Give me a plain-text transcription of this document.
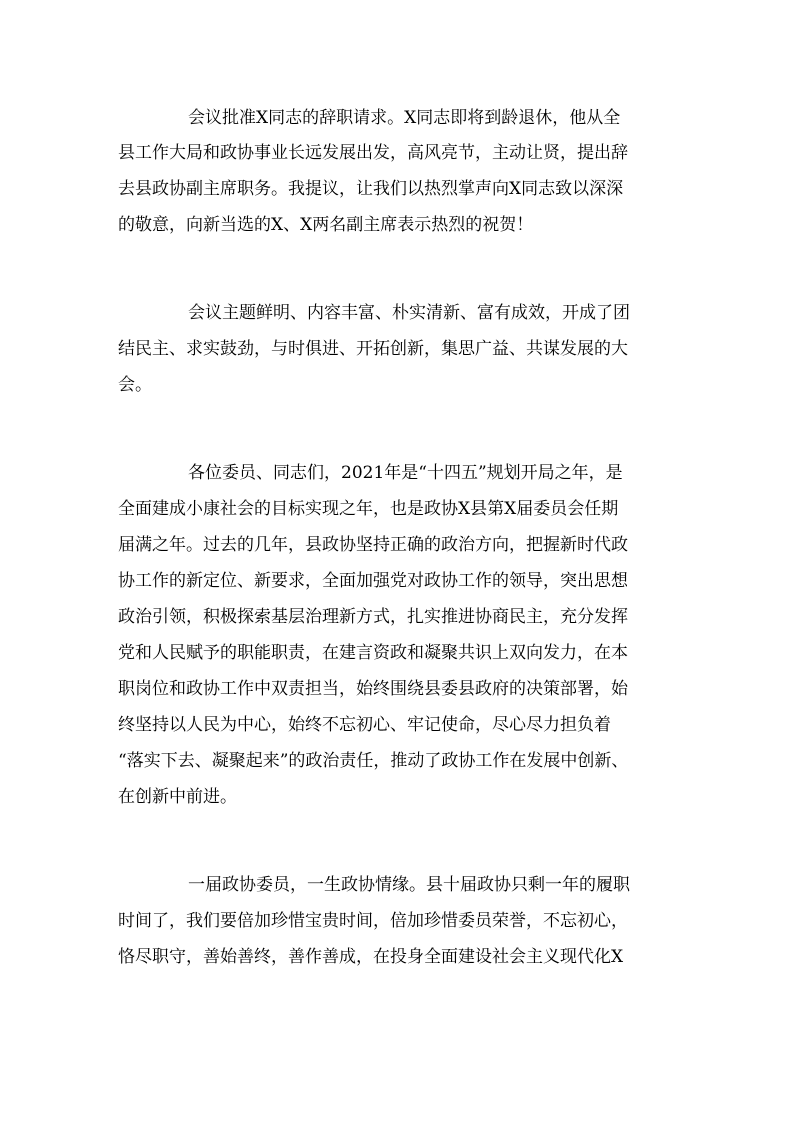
会议批准X同志的辞职请求。X同志即将到龄退休，他从全
县工作大局和政协事业长远发展出发，高风亮节，主动让贤，提出辞
去县政协副主席职务。我提议，让我们以热烈掌声向X同志致以深深
的敬意，向新当选的X、X两名副主席表示热烈的祝贺！
会议主题鲜明、内容丰富、朴实清新、富有成效，开成了团
结民主、求实鼓劲，与时俱进、开拓创新，集思广益、共谋发展的大
会。
各位委员、同志们，2021年是“十四五”规划开局之年，是
全面建成小康社会的目标实现之年，也是政协X县第X届委员会任期
届满之年。过去的几年，县政协坚持正确的政治方向，把握新时代政
协工作的新定位、新要求，全面加强党对政协工作的领导，突出思想
政治引领，积极探索基层治理新方式，扎实推进协商民主，充分发挥
党和人民赋予的职能职责，在建言资政和凝聚共识上双向发力，在本
职岗位和政协工作中双责担当，始终围绕县委县政府的决策部署，始
终坚持以人民为中心，始终不忘初心、牢记使命，尽心尽力担负着
“落实下去、凝聚起来”的政治责任，推动了政协工作在发展中创新、
在创新中前进。
一届政协委员，一生政协情缘。县十届政协只剩一年的履职
时间了，我们要倍加珍惜宝贵时间，倍加珍惜委员荣誉，不忘初心，
恪尽职守，善始善终，善作善成，在投身全面建设社会主义现代化X
